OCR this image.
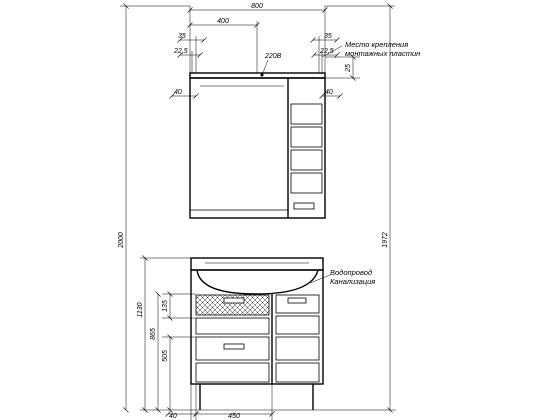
800
400
35
22,5
220В
35
22,5
25
40	40
2000	1972
1130
865
505
135
40	450
Место крепления
монтажных пластин
Водопровод
Канализация
